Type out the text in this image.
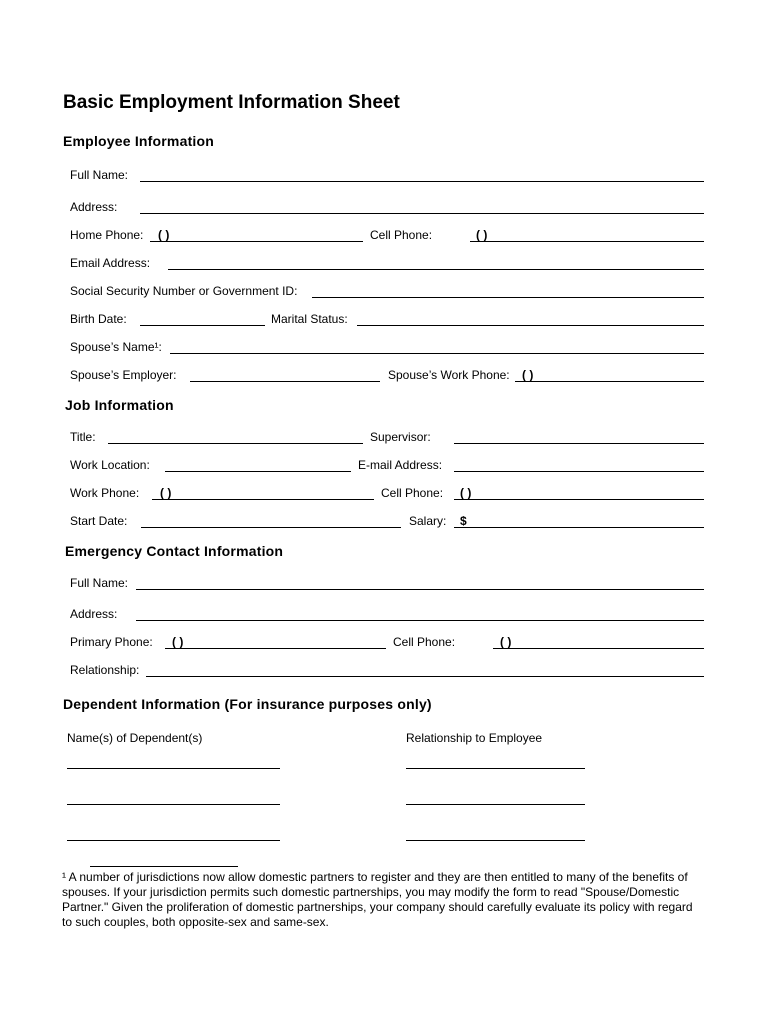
Basic Employment Information Sheet
Employee Information
Full Name:
Address:
Home Phone: ( )	Cell Phone:	( )
Email Address:
Social Security Number or Government ID:
Birth Date:	Marital Status:
Spouse’s Name¹:
Spouse’s Employer:	Spouse’s Work Phone: ( )
Job Information
Title:	Supervisor:
Work Location:	E-mail Address:
Work Phone: ( )	Cell Phone: ( )
Start Date:	Salary: $
Emergency Contact Information
Full Name:
Address:
Primary Phone: ( )	Cell Phone:	( )
Relationship:
Dependent Information (For insurance purposes only)
Name(s) of Dependent(s)	Relationship to Employee
¹ A number of jurisdictions now allow domestic partners to register and they are then entitled to many of the benefits of spouses. If your jurisdiction permits such domestic partnerships, you may modify the form to read "Spouse/Domestic Partner." Given the proliferation of domestic partnerships, your company should carefully evaluate its policy with regard to such couples, both opposite-sex and same-sex.
